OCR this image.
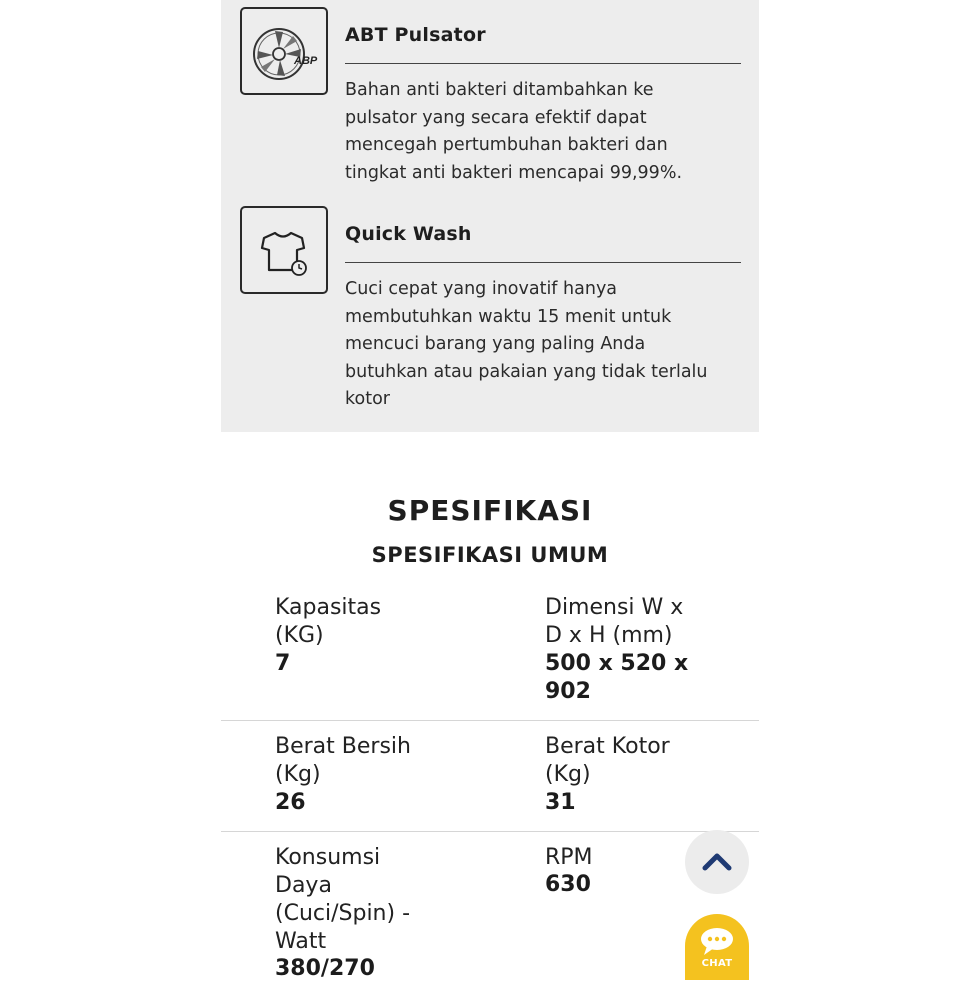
ABP
ABT Pulsator
Bahan anti bakteri ditambahkan ke
pulsator yang secara efektif dapat
mencegah pertumbuhan bakteri dan
tingkat anti bakteri mencapai 99,99%.
Quick Wash
Cuci cepat yang inovatif hanya
membutuhkan waktu 15 menit untuk
mencuci barang yang paling Anda
butuhkan atau pakaian yang tidak terlalu
kotor
SPESIFIKASI
SPESIFIKASI UMUM
Kapasitas
(KG)
7
Dimensi W x
D x H (mm)
500 x 520 x
902
Berat Bersih
(Kg)
26
Berat Kotor
(Kg)
31
Konsumsi
Daya
(Cuci/Spin) -
Watt
380/270
RPM
630
CHAT
